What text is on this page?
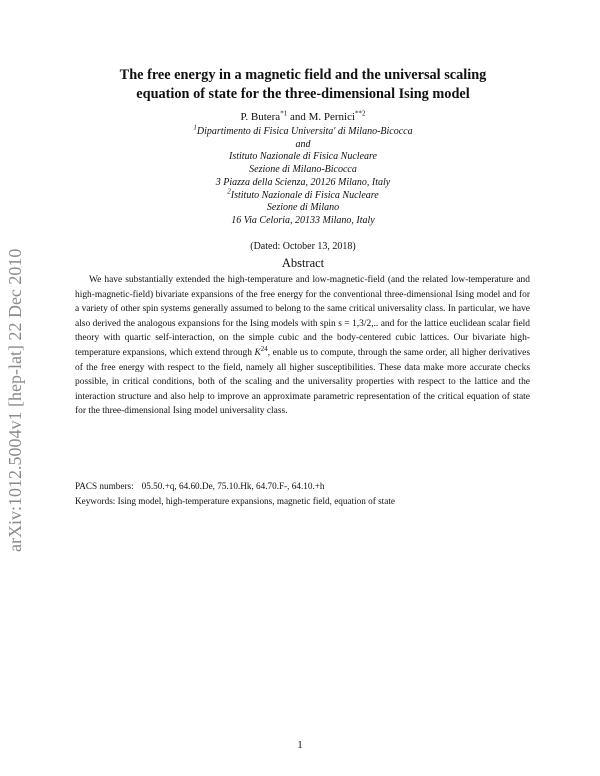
arXiv:1012.5004v1 [hep-lat] 22 Dec 2010
The free energy in a magnetic field and the universal scaling
equation of state for the three-dimensional Ising model
P. Butera$^{*1}$ and M. Pernici$^{**2}$
$^1$Dipartimento di Fisica Universita' di Milano-Bicocca
and
Istituto Nazionale di Fisica Nucleare
Sezione di Milano-Bicocca
3 Piazza della Scienza, 20126 Milano, Italy
$^2$Istituto Nazionale di Fisica Nucleare
Sezione di Milano
16 Via Celoria, 20133 Milano, Italy
(Dated: October 13, 2018)
Abstract
We have substantially extended the high-temperature and low-magnetic-field (and the related low-temperature and high-magnetic-field) bivariate expansions of the free energy for the conventional three-dimensional Ising model and for a variety of other spin systems generally assumed to belong to the same critical universality class. In particular, we have also derived the analogous expansions for the Ising models with spin s = 1,3/2,.. and for the lattice euclidean scalar field theory with quartic self-interaction, on the simple cubic and the body-centered cubic lattices. Our bivariate high-temperature expansions, which extend through $K^{24}$, enable us to compute, through the same order, all higher derivatives of the free energy with respect to the field, namely all higher susceptibilities. These data make more accurate checks possible, in critical conditions, both of the scaling and the universality properties with respect to the lattice and the interaction structure and also help to improve an approximate parametric representation of the critical equation of state for the three-dimensional Ising model universality class.
PACS numbers: 05.50.+q, 64.60.De, 75.10.Hk, 64.70.F-, 64.10.+h
Keywords: Ising model, high-temperature expansions, magnetic field, equation of state
1
